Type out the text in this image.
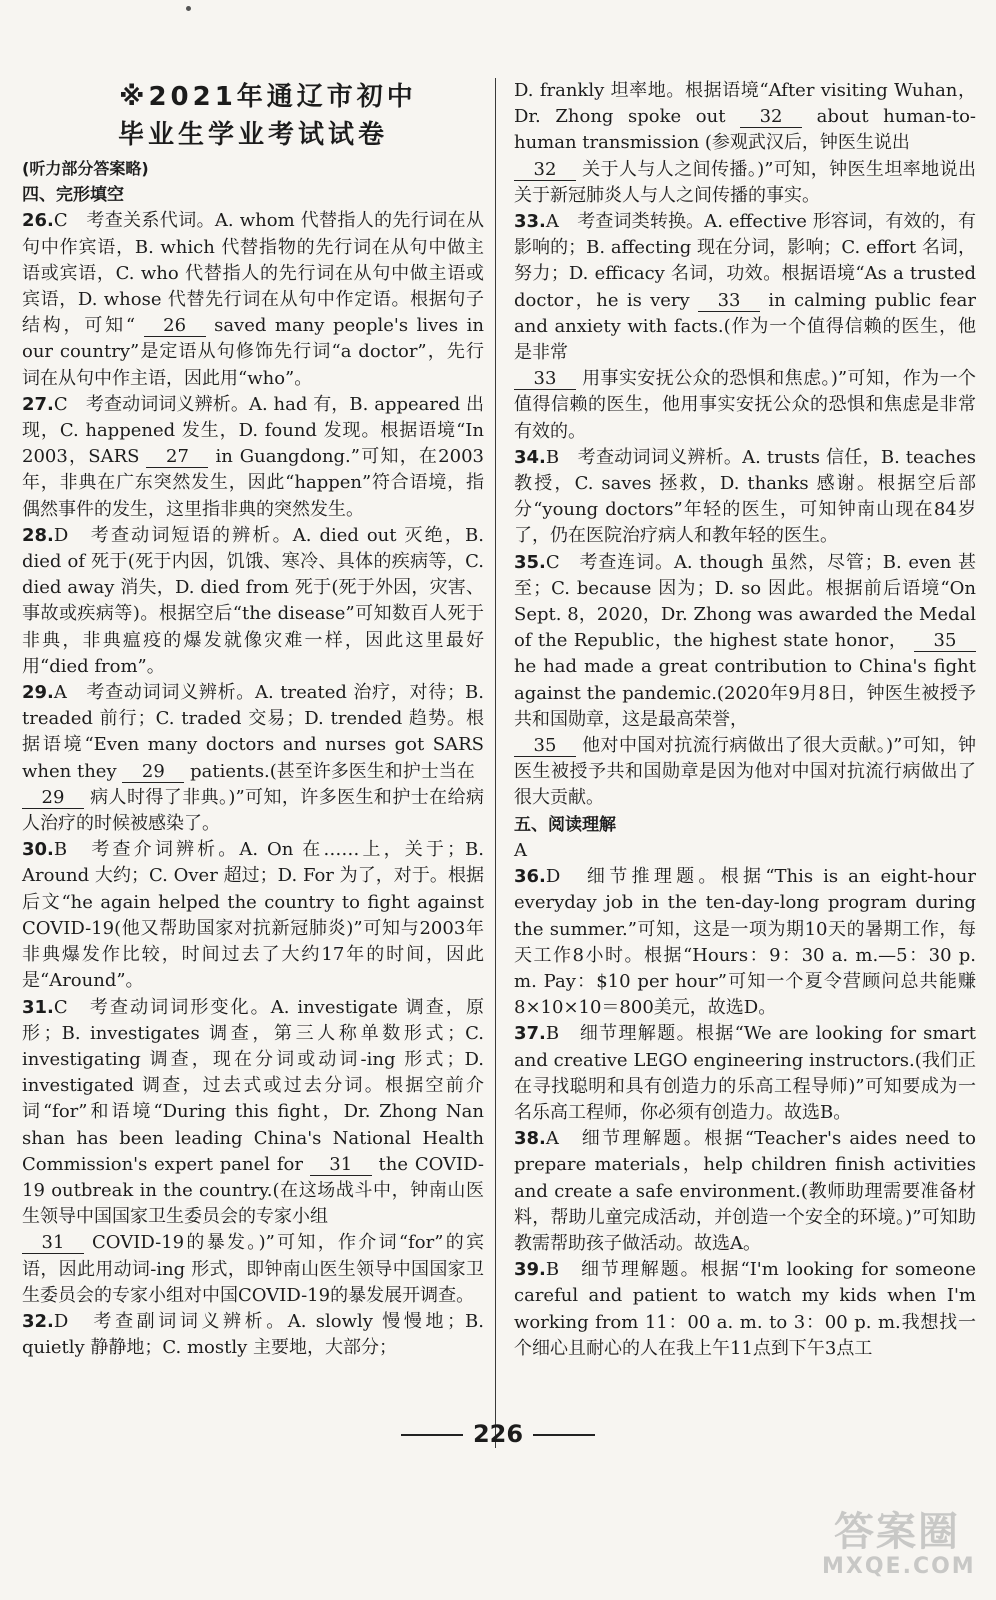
※2021年通辽市初中
毕业生学业考试试卷
(听力部分答案略)
四、完形填空

26.C　考查关系代词。A. whom 代替指人的先行词在从句中作宾语，B. which 代替指物的先行词在从句中做主语或宾语，C. who 代替指人的先行词在从句中做主语或宾语，D. whose 代替先行词在从句中作定语。根据句子结构，可知“ 26 saved many people's lives in our country”是定语从句修饰先行词“a doctor”，先行词在从句中作主语，因此用“who”。

27.C　考查动词词义辨析。A. had 有，B. appeared 出现，C. happened 发生，D. found 发现。根据语境“In 2003，SARS 27 in Guangdong.”可知，在2003年，非典在广东突然发生，因此“happen”符合语境，指偶然事件的发生，这里指非典的突然发生。

28.D　考查动词短语的辨析。A. died out 灭绝，B. died of 死于(死于内因，饥饿、寒冷、具体的疾病等，C. died away 消失，D. died from 死于(死于外因，灾害、事故或疾病等)。根据空后“the disease”可知数百人死于非典，非典瘟疫的爆发就像灾难一样，因此这里最好用“died from”。

29.A　考查动词词义辨析。A. treated 治疗，对待；B. treaded 前行；C. traded 交易；D. trended 趋势。根据语境“Even many doctors and nurses got SARS when they 29 patients.(甚至许多医生和护士当在

29 病人时得了非典。)”可知，许多医生和护士在给病人治疗的时候被感染了。

30.B　考查介词辨析。A. On 在……上，关于；B. Around 大约；C. Over 超过；D. For 为了，对于。根据后文“he again helped the country to fight against COVID-19(他又帮助国家对抗新冠肺炎)”可知与2003年非典爆发作比较，时间过去了大约17年的时间，因此是“Around”。

31.C　考查动词词形变化。A. investigate 调查，原形；B. investigates 调查，第三人称单数形式；C. investigating 调查，现在分词或动词-ing 形式；D. investigated 调查，过去式或过去分词。根据空前介词“for”和语境“During this fight，Dr. Zhong Nan shan has been leading China's National Health Commission's expert panel for 31 the COVID-19 outbreak in the country.(在这场战斗中，钟南山医生领导中国国家卫生委员会的专家小组

31 COVID-19的暴发。)”可知，作介词“for”的宾语，因此用动词-ing 形式，即钟南山医生领导中国国家卫生委员会的专家小组对中国COVID-19的暴发展开调查。

32.D　考查副词词义辨析。A. slowly 慢慢地；B. quietly 静静地；C. mostly 主要地，大部分；

D. frankly 坦率地。根据语境“After visiting Wuhan，Dr. Zhong spoke out 32 about human-to-human transmission (参观武汉后，钟医生说出

32 关于人与人之间传播。)”可知，钟医生坦率地说出关于新冠肺炎人与人之间传播的事实。

33.A　考查词类转换。A. effective 形容词，有效的，有影响的；B. affecting 现在分词，影响；C. effort 名词，努力；D. efficacy 名词，功效。根据语境“As a trusted doctor，he is very 33 in calming public fear and anxiety with facts.(作为一个值得信赖的医生，他是非常

33 用事实安抚公众的恐惧和焦虑。)”可知，作为一个值得信赖的医生，他用事实安抚公众的恐惧和焦虑是非常有效的。

34.B　考查动词词义辨析。A. trusts 信任，B. teaches 教授，C. saves 拯救，D. thanks 感谢。根据空后部分“young doctors”年轻的医生，可知钟南山现在84岁了，仍在医院治疗病人和教年轻的医生。

35.C　考查连词。A. though 虽然，尽管；B. even 甚至；C. because 因为；D. so 因此。根据前后语境“On Sept. 8，2020，Dr. Zhong was awarded the Medal of the Republic，the highest state honor， 35 he had made a great contribution to China's fight against the pandemic.(2020年9月8日，钟医生被授予共和国勋章，这是最高荣誉，

35 他对中国对抗流行病做出了很大贡献。)”可知，钟医生被授予共和国勋章是因为他对中国对抗流行病做出了很大贡献。

五、阅读理解
A

36.D　细节推理题。根据“This is an eight-hour everyday job in the ten-day-long program during the summer.”可知，这是一项为期10天的暑期工作，每天工作8小时。根据“Hours：9：30 a. m.—5：30 p. m. Pay：$10 per hour”可知一个夏令营顾问总共能赚8×10×10＝800美元，故选D。

37.B　细节理解题。根据“We are looking for smart and creative LEGO engineering instructors.(我们正在寻找聪明和具有创造力的乐高工程导师)”可知要成为一名乐高工程师，你必须有创造力。故选B。

38.A　细节理解题。根据“Teacher's aides need to prepare materials，help children finish activities and create a safe environment.(教师助理需要准备材料，帮助儿童完成活动，并创造一个安全的环境。)”可知助教需帮助孩子做活动。故选A。

39.B　细节理解题。根据“I'm looking for someone careful and patient to watch my kids when I'm working from 11：00 a. m. to 3：00 p. m.我想找一个细心且耐心的人在我上午11点到下午3点工

226
答案圈
MXQE.COM
